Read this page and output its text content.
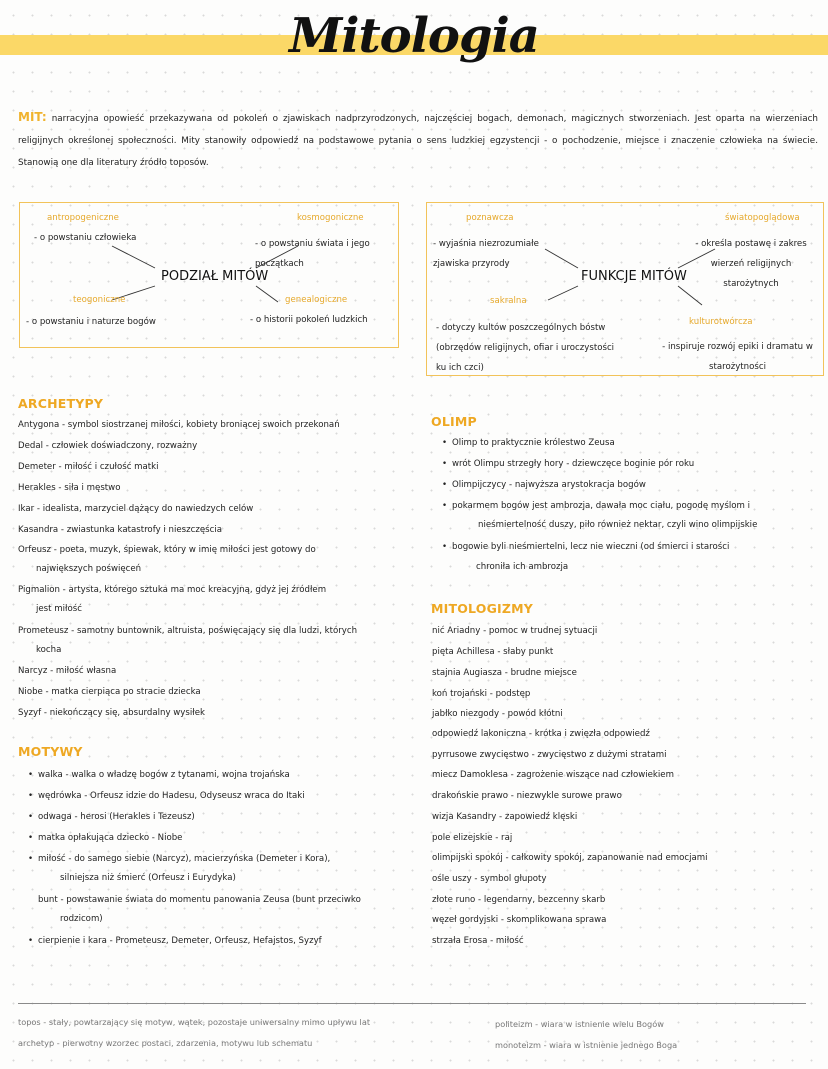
Mitologia
MIT: narracyjna opowieść przekazywana od pokoleń o zjawiskach nadprzyrodzonych, najczęściej bogach, demonach, magicznych stworzeniach. Jest oparta na wierzeniach religijnych określonej społeczności. Mity stanowiły odpowiedź na podstawowe pytania o sens ludzkiej egzystencji - o pochodzenie, miejsce i znaczenie człowieka na świecie. Stanowią one dla literatury źródło toposów.
PODZIAŁ MITÓW
antropogeniczne
- o powstaniu człowieka
kosmogoniczne
- o powstaniu świata i jego początkach
teogoniczne
- o powstaniu i naturze bogów
genealogiczne
- o historii pokoleń ludzkich
FUNKCJE MITÓW
poznawcza
- wyjaśnia niezrozumiałe zjawiska przyrody
światopoglądowa
- określa postawę i zakres wierzeń religijnych starożytnych
sakralna
- dotyczy kultów poszczególnych bóstw (obrzędów religijnych, ofiar i uroczystości ku ich czci)
kulturotwórcza
- inspiruje rozwój epiki i dramatu w starożytności
ARCHETYPY
Antygona - symbol siostrzanej miłości, kobiety broniącej swoich przekonań
Dedal - człowiek doświadczony, rozważny
Demeter - miłość i czułość matki
Herakles - siła i męstwo
Ikar - idealista, marzyciel dążący do nawiedzych celów
Kasandra - zwiastunka katastrofy i nieszczęścia
Orfeusz - poeta, muzyk, śpiewak, który w imię miłości jest gotowy do
największych poświęceń
Pigmalion - artysta, którego sztuka ma moc kreacyjną, gdyż jej źródłem
jest miłość
Prometeusz - samotny buntownik, altruista, poświęcający się dla ludzi, których
kocha
Narcyz - miłość własna
Niobe - matka cierpiąca po stracie dziecka
Syzyf - niekończący się, absurdalny wysiłek
MOTYWY
• walka - walka o władzę bogów z tytanami, wojna trojańska
• wędrówka - Orfeusz idzie do Hadesu, Odyseusz wraca do Itaki
• odwaga - herosi (Herakles i Tezeusz)
• matka opłakująca dziecko - Niobe
• miłość - do samego siebie (Narcyz), macierzyńska (Demeter i Kora),
silniejsza niż śmierć (Orfeusz i Eurydyka)
bunt - powstawanie świata do momentu panowania Zeusa (bunt przeciwko
rodzicom)
• cierpienie i kara - Prometeusz, Demeter, Orfeusz, Hefajstos, Syzyf
OLIMP
• Olimp to praktycznie królestwo Zeusa
• wrót Olimpu strzegły hory - dziewczęce boginie pór roku
• Olimpijczycy - najwyższa arystokracja bogów
• pokarmem bogów jest ambrozja, dawała moc ciału, pogodę myślom i
nieśmiertelność duszy, piło również nektar, czyli wino olimpijskie
• bogowie byli nieśmiertelni, lecz nie wieczni (od śmierci i starości
chroniła ich ambrozja
MITOLOGIZMY
nić Ariadny - pomoc w trudnej sytuacji
pięta Achillesa - słaby punkt
stajnia Augiasza - brudne miejsce
koń trojański - podstęp
jabłko niezgody - powód kłótni
odpowiedź lakoniczna - krótka i zwięzła odpowiedź
pyrrusowe zwycięstwo - zwycięstwo z dużymi stratami
miecz Damoklesa - zagrożenie wiszące nad człowiekiem
drakońskie prawo - niezwykle surowe prawo
wizja Kasandry - zapowiedź klęski
pole elizejskie - raj
olimpijski spokój - całkowity spokój, zapanowanie nad emocjami
ośle uszy - symbol głupoty
złote runo - legendarny, bezcenny skarb
węzeł gordyjski - skomplikowana sprawa
strzała Erosa - miłość
topos - stały, powtarzający się motyw, wątek, pozostaje uniwersalny mimo upływu lat
archetyp - pierwotny wzorzec postaci, zdarzenia, motywu lub schematu
politeizm - wiara w istnienie wielu Bogów
monoteizm - wiara w istnienie jednego Boga
